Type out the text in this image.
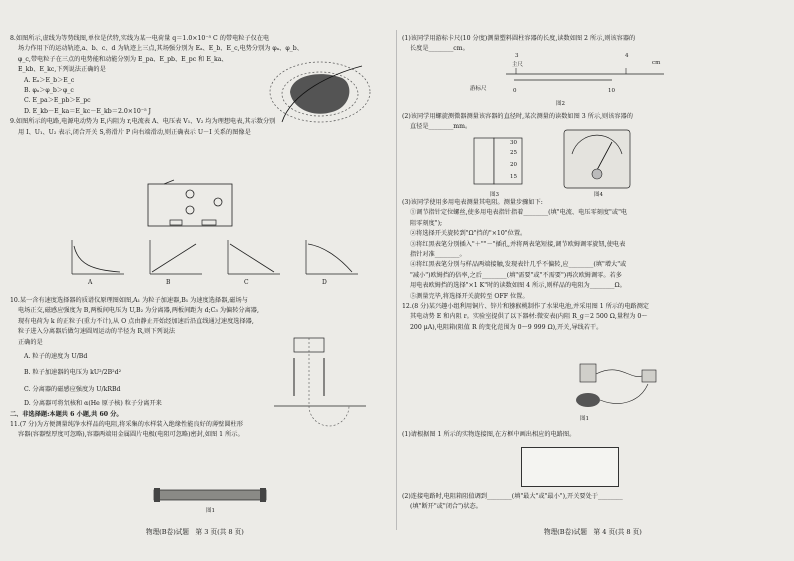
8.如图所示,虚线为等势线图,单位是伏特,实线为某一电荷量 q＝1.0×10⁻⁵ C 的带电粒子仅在电

场力作用下的运动轨迹,a、b、c、d 为轨迹上三点,其场强分别为 Eₐ、E_b、E_c,电势分别为 φₐ、φ_b、

φ_c,带电粒子在三点的电势能和动能分别为 E_pa、E_pb、E_pc 和 E_ka、

E_kb、E_kc,下列说法正确的是

A. Eₐ＞E_b＞E_c

B. φₐ＞φ_b＞φ_c

C. E_pa＞E_pb＞E_pc

D. E_kb－E_ka＝E_kc－E_kb＝2.0×10⁻⁵ J

9.如图所示的电路,电源电动势为 E,内阻为 r,电流表 A、电压表 V₁、V₂ 均为理想电表,其示数分别

用 I、U₁、U₂ 表示,闭合开关 S,将滑片 P 向右端滑动,则正确表示 U－I 关系的图像是

A	B	C	D

10.某一含有速度选择器的质谱仪原理图如图,A₁ 为粒子加速器,B₁ 为速度选择器,磁场与

电场正交,磁感应强度为 B,两板间电压为 U,B₂ 为分离器,两板间距为 d;C₃ 为偏转分离器,

现有电荷为 k 的正粒子(重力不计),从 O 点由静止开始经加速后沿直线通过速度选择器,

粒子进入分离器后做匀速圆周运动的半径为 R,则下列说法

正确的是

A. 粒子的速度为 U/Bd

B. 粒子加速器的电压为 kU²/2B²d²

C. 分离器的磁感应强度为 U/kRBd

D. 分离器可将氘核和 α(He 原子核) 粒子分离开来

二、非选择题:本题共 6 小题,共 60 分。

11.(7 分)为方便测量纯净水样品的电阻,将采集的水样装入绝缘性能良好的薄壁圆柱形

容器(容器壁厚度可忽略),容器两端用金属圆片电极(电阻可忽略)密封,如图 1 所示。

图1
物理(B卷)试题　第 3 页(共 8 页)

(1)该同学用游标卡尺(10 分度)测量塑料圆柱容器的长度,读数如图 2 所示,则该容器的

长度是________cm。

主尺
3	4
cm
游标尺	0	10
图2

(2)该同学用螺旋测微器测量该容器的直径时,某次测量的读数如图 3 所示,则该容器的

直径是________mm。

30
25
20
15
图3	图4

(3)该同学使用多用电表测量其电阻。测量步骤如下:

①调节指针定位螺丝,使多用电表指针指着________(填"电流、电压零刻度"或"电

阻零刻度");

②将选择开关旋转到"Ω"挡的"×10"位置。

③将红黑表笔分别插入"＋""－"插孔,并将两表笔短接,调节欧姆调零旋钮,使电表

指针对准________。

④将红黑表笔分别与样品两端接触,发现表针几乎不偏转,应________(填"增大"或

"减小")欧姆挡的倍率,之后________(填"需要"或"不需要")再次欧姆调零。若多

用电表欧姆挡的选择"×1 K"时的读数如图 4 所示,则样品的电阻为________Ω。

⑤测量完毕,将选择开关旋转至 OFF 位置。

12.(8 分)某兴趣小组利用铜片、锌片和猕猴桃制作了水果电池,并采用图 1 所示的电路测定

其电动势 E 和内阻 r。实验室提供了以下器材:微安表(内阻 R_g＝2 500 Ω,量程为 0～

200 μA),电阻箱(阻值 R 的变化范围为 0～9 999 Ω),开关,导线若干。

图1

(1)请根据图 1 所示的实物连接图,在方框中画出相应的电路图。

(2)连接电路时,电阻箱阻值调到________(填"最大"或"最小"),开关要处于________

(填"断开"或"闭合")状态。

物理(B卷)试题　第 4 页(共 8 页)
